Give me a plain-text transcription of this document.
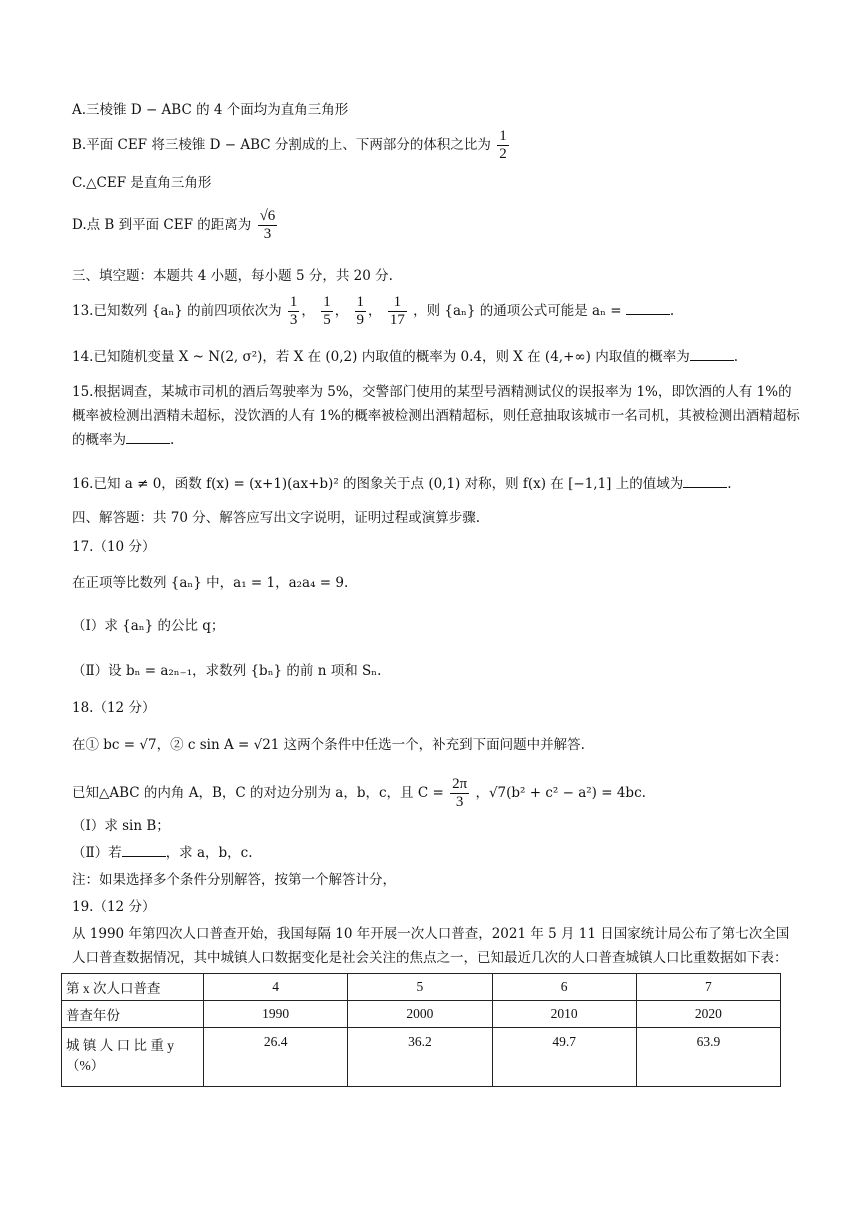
A.三棱锥 D − ABC 的 4 个面均为直角三角形
B.平面 CEF 将三棱锥 D − ABC 分割成的上、下两部分的体积之比为 $\frac{1}{2}$
C.△CEF 是直角三角形
D.点 B 到平面 CEF 的距离为 $\frac{√6}{3}$
三、填空题：本题共 4 小题，每小题 5 分，共 20 分.
13.已知数列 {aₙ} 的前四项依次为 $\frac{1}{3}$ ， $\frac{1}{5}$ ， $\frac{1}{9}$ ， $\frac{1}{17}$ ，则 {aₙ} 的通项公式可能是 aₙ =	.
14.已知随机变量 X ~ N(2, σ²)，若 X 在 (0,2) 内取值的概率为 0.4，则 X 在 (4,+∞) 内取值的概率为	.
15.根据调查，某城市司机的酒后驾驶率为 5%，交警部门使用的某型号酒精测试仪的误报率为 1%，即饮酒的人有 1%的概率被检测出酒精未超标，没饮酒的人有 1%的概率被检测出酒精超标，则任意抽取该城市一名司机，其被检测出酒精超标的概率为	.
16.已知 a ≠ 0，函数 f(x) = (x+1)(ax+b)² 的图象关于点 (0,1) 对称，则 f(x) 在 [−1,1] 上的值域为	.
四、解答题：共 70 分、解答应写出文字说明，证明过程或演算步骤.
17.（10 分）
在正项等比数列 {aₙ} 中，a₁ = 1，a₂a₄ = 9.
（Ⅰ）求 {aₙ} 的公比 q；
（Ⅱ）设 bₙ = a₂ₙ₋₁，求数列 {bₙ} 的前 n 项和 Sₙ.
18.（12 分）
在① bc = √7，② c sin A = √21 这两个条件中任选一个，补充到下面问题中并解答.
已知△ABC 的内角 A，B，C 的对边分别为 a，b，c，且 $C = \frac{2\pi}{3}$ ，√7(b² + c² − a²) = 4bc.
（Ⅰ）求 sin B；
（Ⅱ）若	，求 a，b，c.
注：如果选择多个条件分别解答，按第一个解答计分，
19.（12 分）
从 1990 年第四次人口普查开始，我国每隔 10 年开展一次人口普查，2021 年 5 月 11 日国家统计局公布了第七次全国人口普查数据情况，其中城镇人口数据变化是社会关注的焦点之一，已知最近几次的人口普查城镇人口比重数据如下表：
第 x 次人口普查	4	5	6	7
普查年份	1990	2000	2010	2020

城 镇 人 口 比 重 y
（%）	26.4	36.2	49.7	63.9
